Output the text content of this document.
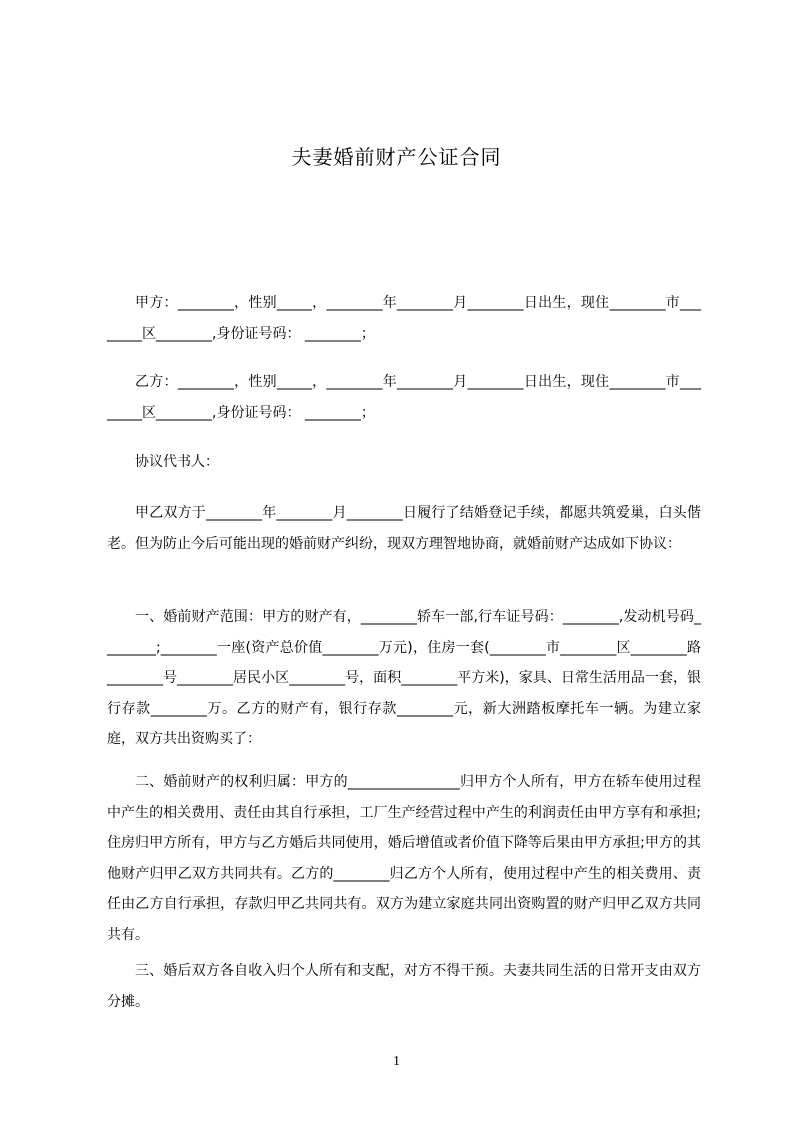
夫妻婚前财产公证合同
甲方：________，性别_____，________年________月________日出生，现住________市________区________,身份证号码： ________；
乙方：________，性别_____，________年________月________日出生，现住________市________区________,身份证号码： ________；
协议代书人：
甲乙双方于________年________月________日履行了结婚登记手续，都愿共筑爱巢，白头偕老。但为防止今后可能出现的婚前财产纠纷，现双方理智地协商，就婚前财产达成如下协议：
一、婚前财产范围：甲方的财产有，________轿车一部,行车证号码：________,发动机号码________;________一座(资产总价值________万元)，住房一套(________市________区________路________号________居民小区________号，面积________平方米)，家具、日常生活用品一套，银行存款________万。乙方的财产有，银行存款________元，新大洲踏板摩托车一辆。为建立家庭，双方共出资购买了：
二、婚前财产的权利归属：甲方的________________归甲方个人所有，甲方在轿车使用过程中产生的相关费用、责任由其自行承担，工厂生产经营过程中产生的利润责任由甲方享有和承担;住房归甲方所有，甲方与乙方婚后共同使用，婚后增值或者价值下降等后果由甲方承担;甲方的其他财产归甲乙双方共同共有。乙方的________归乙方个人所有，使用过程中产生的相关费用、责任由乙方自行承担，存款归甲乙共同共有。双方为建立家庭共同出资购置的财产归甲乙双方共同共有。
三、婚后双方各自收入归个人所有和支配，对方不得干预。夫妻共同生活的日常开支由双方分摊。
1
